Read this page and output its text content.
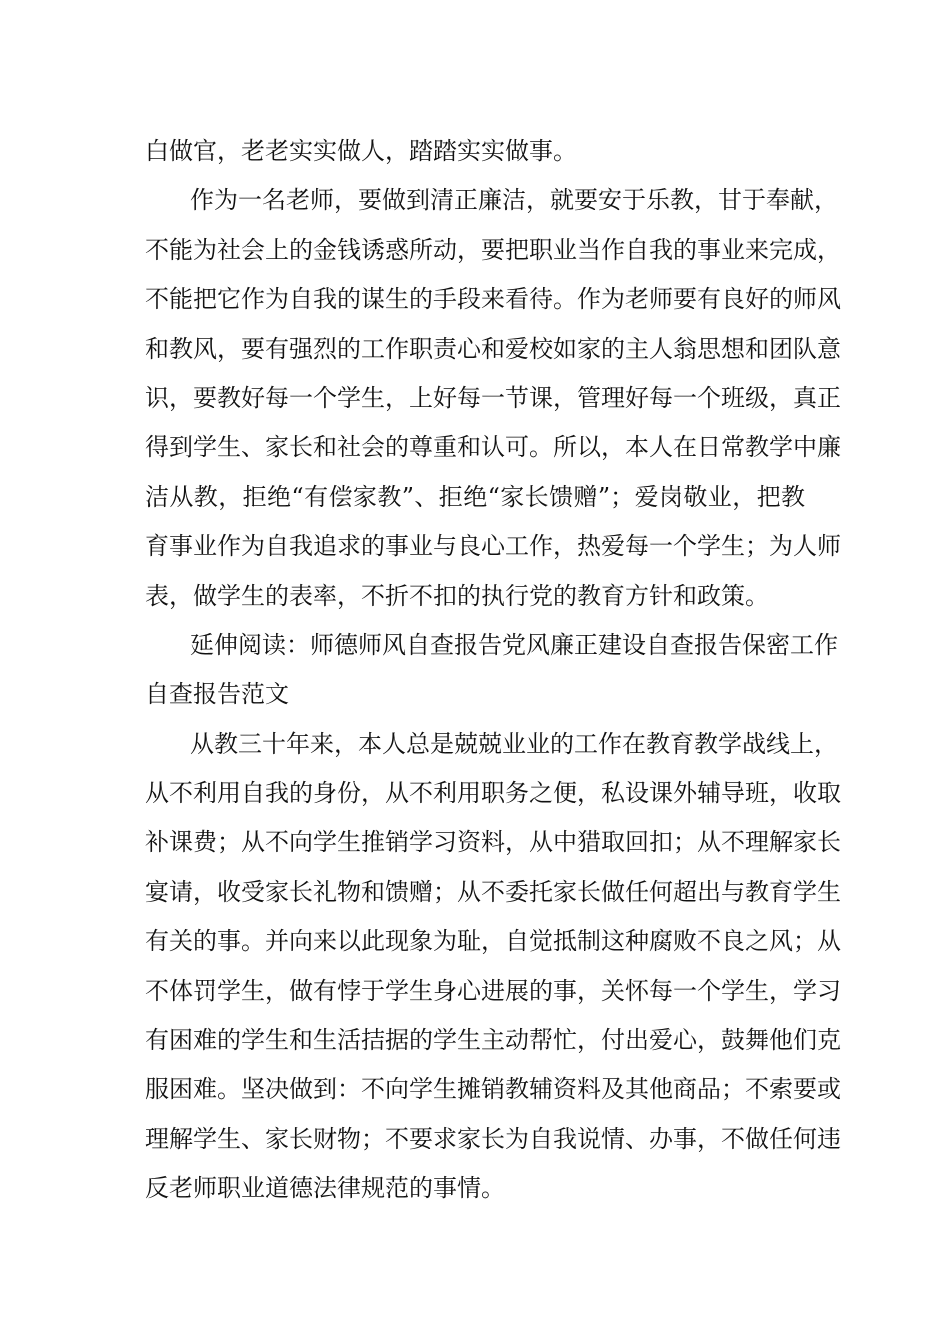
白做官，老老实实做人，踏踏实实做事。
作为一名老师，要做到清正廉洁，就要安于乐教，甘于奉献，
不能为社会上的金钱诱惑所动，要把职业当作自我的事业来完成，
不能把它作为自我的谋生的手段来看待。作为老师要有良好的师风
和教风，要有强烈的工作职责心和爱校如家的主人翁思想和团队意
识，要教好每一个学生，上好每一节课，管理好每一个班级，真正
得到学生、家长和社会的尊重和认可。所以，本人在日常教学中廉
洁从教，拒绝“有偿家教”、拒绝“家长馈赠”；爱岗敬业，把教
育事业作为自我追求的事业与良心工作，热爱每一个学生；为人师
表，做学生的表率，不折不扣的执行党的教育方针和政策。
延伸阅读：师德师风自查报告党风廉正建设自查报告保密工作
自查报告范文
从教三十年来，本人总是兢兢业业的工作在教育教学战线上，
从不利用自我的身份，从不利用职务之便，私设课外辅导班，收取
补课费；从不向学生推销学习资料，从中猎取回扣；从不理解家长
宴请，收受家长礼物和馈赠；从不委托家长做任何超出与教育学生
有关的事。并向来以此现象为耻，自觉抵制这种腐败不良之风；从
不体罚学生，做有悖于学生身心进展的事，关怀每一个学生，学习
有困难的学生和生活拮据的学生主动帮忙，付出爱心，鼓舞他们克
服困难。坚决做到：不向学生摊销教辅资料及其他商品；不索要或
理解学生、家长财物；不要求家长为自我说情、办事，不做任何违
反老师职业道德法律规范的事情。
